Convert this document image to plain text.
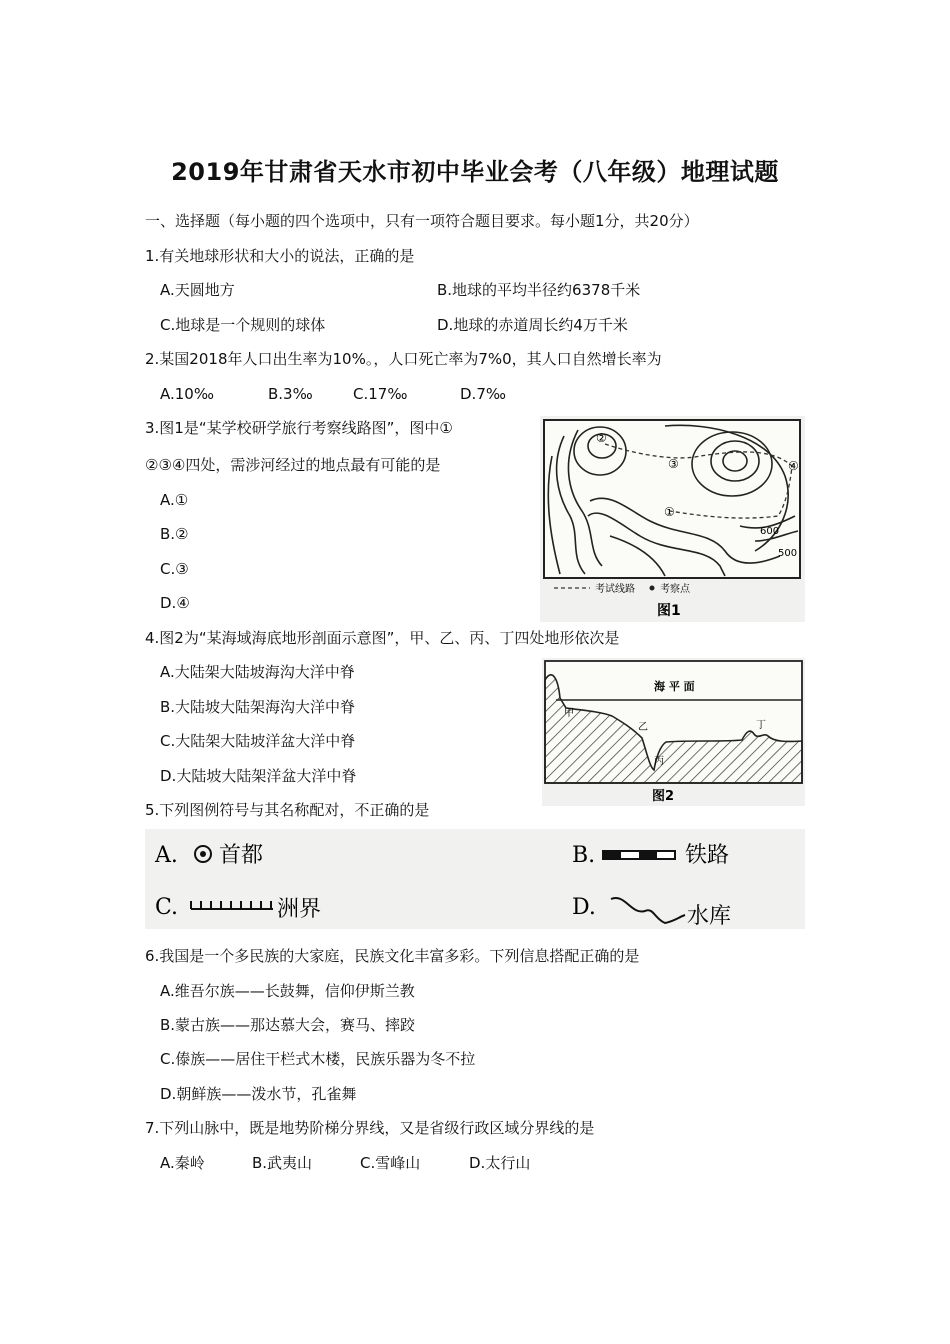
2019年甘肃省天水市初中毕业会考（八年级）地理试题
一、选择题（每小题的四个选项中，只有一项符合题目要求。每小题1分，共20分）
1.有关地球形状和大小的说法，正确的是
A.天圆地方	B.地球的平均半径约6378千米
C.地球是一个规则的球体	D.地球的赤道周长约4万千米
2.某国2018年人口出生率为10%。，人口死亡率为7%0，其人口自然增长率为
A.10‰	B.3‰	C.17‰	D.7‰
3.图1是“某学校研学旅行考察线路图”，图中①
②③④四处，需涉河经过的地点最有可能的是
A.①
B.②
C.③
D.④
②
③	④
①
600
500
考试线路	考察点
图1
4.图2为“某海域海底地形剖面示意图”，甲、乙、丙、丁四处地形依次是
A.大陆架大陆坡海沟大洋中脊
B.大陆坡大陆架海沟大洋中脊
C.大陆架大陆坡洋盆大洋中脊
D.大陆坡大陆架洋盆大洋中脊
海 平 面
甲
乙
丙
丁
图2
5.下列图例符号与其名称配对，不正确的是
A. 首都	B.	铁路
C.	洲界	D.	水库
6.我国是一个多民族的大家庭，民族文化丰富多彩。下列信息搭配正确的是
A.维吾尔族——长鼓舞，信仰伊斯兰教
B.蒙古族——那达慕大会，赛马、摔跤
C.傣族——居住干栏式木楼，民族乐器为冬不拉
D.朝鲜族——泼水节，孔雀舞
7.下列山脉中，既是地势阶梯分界线，又是省级行政区域分界线的是
A.秦岭	B.武夷山	C.雪峰山	D.太行山
